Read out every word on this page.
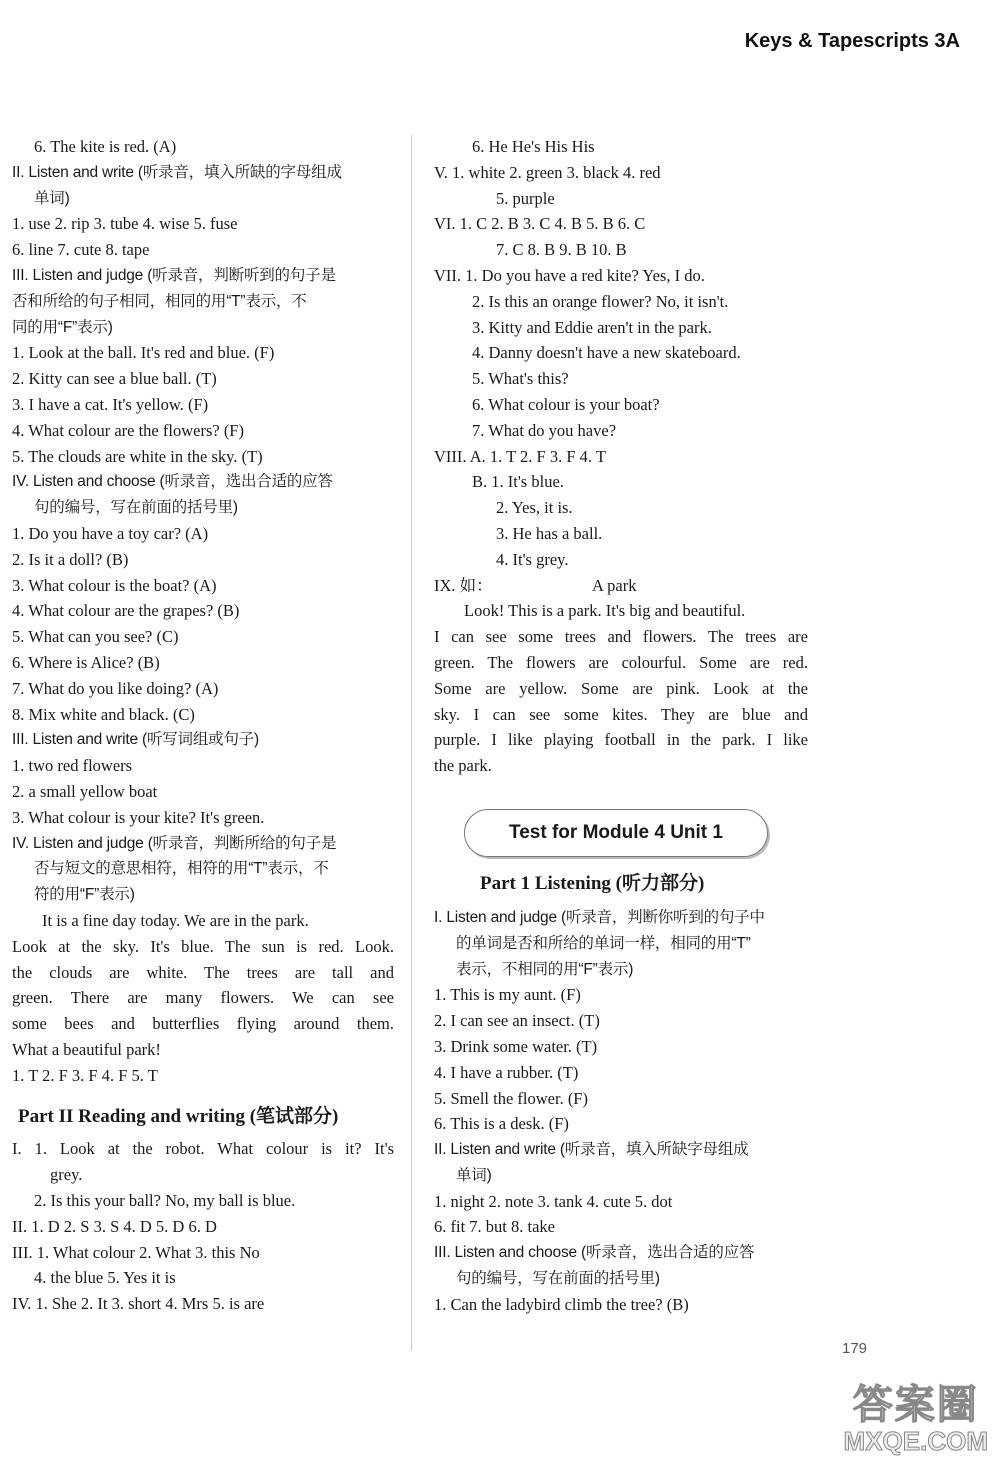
Keys & Tapescripts 3A
6. The kite is red. (A)
II. Listen and write (听录音，填入所缺的字母组成
单词)
1. use 2. rip 3. tube 4. wise 5. fuse
6. line 7. cute 8. tape
III. Listen and judge (听录音，判断听到的句子是
否和所给的句子相同，相同的用“T”表示，不
同的用“F”表示)
1. Look at the ball. It's red and blue. (F)
2. Kitty can see a blue ball. (T)
3. I have a cat. It's yellow. (F)
4. What colour are the flowers? (F)
5. The clouds are white in the sky. (T)
IV. Listen and choose (听录音，选出合适的应答
句的编号，写在前面的括号里)
1. Do you have a toy car? (A)
2. Is it a doll? (B)
3. What colour is the boat? (A)
4. What colour are the grapes? (B)
5. What can you see? (C)
6. Where is Alice? (B)
7. What do you like doing? (A)
8. Mix white and black. (C)
III. Listen and write (听写词组或句子)
1. two red flowers
2. a small yellow boat
3. What colour is your kite? It's green.
IV. Listen and judge (听录音，判断所给的句子是
否与短文的意思相符，相符的用“T”表示，不
符的用“F”表示)
It is a fine day today. We are in the park.
Look at the sky. It's blue. The sun is red. Look.
the clouds are white. The trees are tall and
green. There are many flowers. We can see
some bees and butterflies flying around them.
What a beautiful park!
1. T 2. F 3. F 4. F 5. T
Part II Reading and writing (笔试部分)
I. 1. Look at the robot. What colour is it? It's
grey.
2. Is this your ball? No, my ball is blue.
II. 1. D 2. S 3. S 4. D 5. D 6. D
III. 1. What colour 2. What 3. this No
4. the blue 5. Yes it is
IV. 1. She 2. It 3. short 4. Mrs 5. is are
6. He He's His His
V. 1. white 2. green 3. black 4. red
5. purple
VI. 1. C 2. B 3. C 4. B 5. B 6. C
7. C 8. B 9. B 10. B
VII. 1. Do you have a red kite? Yes, I do.
2. Is this an orange flower? No, it isn't.
3. Kitty and Eddie aren't in the park.
4. Danny doesn't have a new skateboard.
5. What's this?
6. What colour is your boat?
7. What do you have?
VIII. A. 1. T 2. F 3. F 4. T
B. 1. It's blue.
2. Yes, it is.
3. He has a ball.
4. It's grey.
IX. 如：	A park
Look! This is a park. It's big and beautiful.
I can see some trees and flowers. The trees are
green. The flowers are colourful. Some are red.
Some are yellow. Some are pink. Look at the
sky. I can see some kites. They are blue and
purple. I like playing football in the park. I like
the park.
Test for Module 4 Unit 1
Part 1 Listening (听力部分)
I. Listen and judge (听录音，判断你听到的句子中
的单词是否和所给的单词一样，相同的用“T”
表示，不相同的用“F”表示)
1. This is my aunt. (F)
2. I can see an insect. (T)
3. Drink some water. (T)
4. I have a rubber. (T)
5. Smell the flower. (F)
6. This is a desk. (F)
II. Listen and write (听录音，填入所缺字母组成
单词)
1. night 2. note 3. tank 4. cute 5. dot
6. fit 7. but 8. take
III. Listen and choose (听录音，选出合适的应答
句的编号，写在前面的括号里)
1. Can the ladybird climb the tree? (B)
179
答案圈
MXQE.COM
